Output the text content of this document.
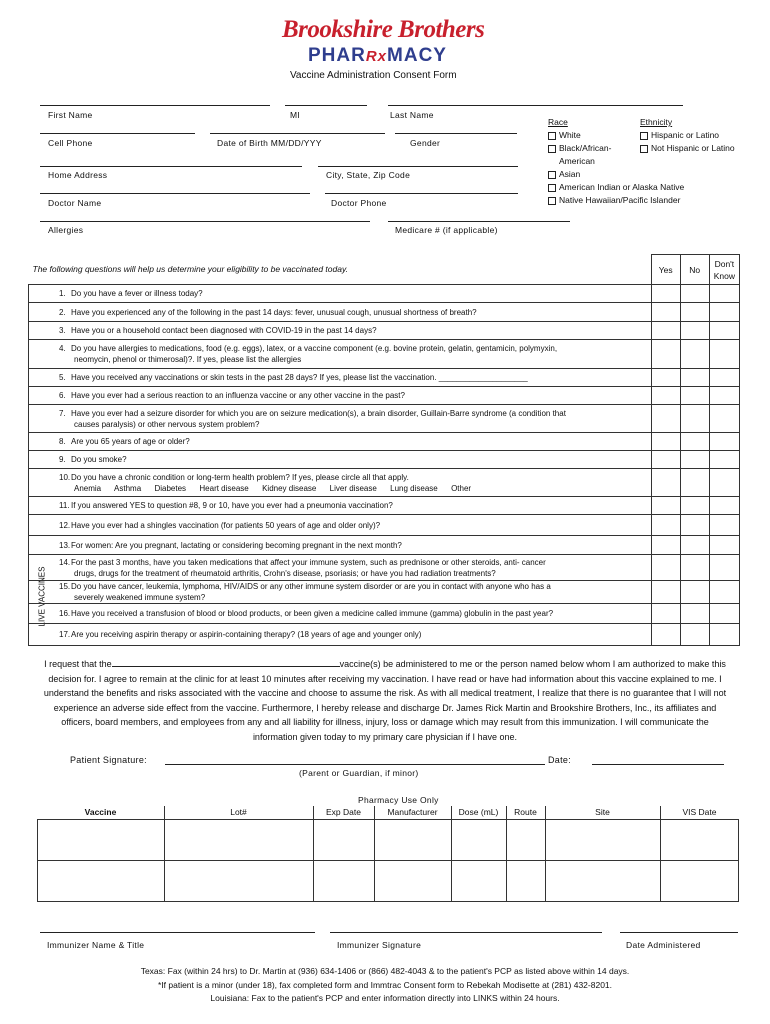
Brookshire Brothers
PHARRxMACY
Vaccine Administration Consent Form
First Name	MI	Last Name
Cell Phone	Date of Birth MM/DD/YYY	Gender
Home Address	City, State, Zip Code
Doctor Name	Doctor Phone
Allergies	Medicare # (if applicable)
Race
White
Black/African-
American
Asian
American Indian or Alaska Native
Native Hawaiian/Pacific Islander
Ethnicity
Hispanic or Latino
Not Hispanic or Latino
LIVE VACCINES
The following questions will help us determine your eligibility to be vaccinated today.	Yes	No	Don't
Know

1. Do you have a fever or illness today?			
2. Have you experienced any of the following in the past 14 days: fever, unusual cough, unusual shortness of breath?			
3. Have you or a household contact been diagnosed with COVID-19 in the past 14 days?			
4. Do you have allergies to medications, food (e.g. eggs), latex, or a vaccine component (e.g. bovine protein, gelatin, gentamicin, polymyxin,
neomycin, phenol or thimerosal)?. If yes, please list the allergies			

5. Have you received any vaccinations or skin tests in the past 28 days? If yes, please list the vaccination. ____________________			
6. Have you ever had a serious reaction to an influenza vaccine or any other vaccine in the past?			
7. Have you ever had a seizure disorder for which you are on seizure medication(s), a brain disorder, Guillain-Barre syndrome (a condition that
causes paralysis) or other nervous system problem?			

8. Are you 65 years of age or older?			
9. Do you smoke?			
10.Do you have a chronic condition or long-term health problem? If yes, please circle all that apply.
Anemia      Asthma      Diabetes      Heart disease      Kidney disease      Liver disease      Lung disease      Other			

11.If you answered YES to question #8, 9 or 10, have you ever had a pneumonia vaccination?			
12.Have you ever had a shingles vaccination (for patients 50 years of age and older only)?			
13.For women: Are you pregnant, lactating or considering becoming pregnant in the next month?			
14.For the past 3 months, have you taken medications that affect your immune system, such as prednisone or other steroids, anti- cancer
drugs, drugs for the treatment of rheumatoid arthritis, Crohn's disease, psoriasis; or have you had radiation treatments?			

15.Do you have cancer, leukemia, lymphoma, HIV/AIDS or any other immune system disorder or are you in contact with anyone who has a
severely weakened immune system?			

16.Have you received a transfusion of blood or blood products, or been given a medicine called immune (gamma) globulin in the past year?			
17.Are you receiving aspirin therapy or aspirin-containing therapy? (18 years of age and younger only)			
I request that the	vaccine(s) be administered to me or the person named below whom I am authorized to make this decision for. I agree to remain at the clinic for at least 10 minutes after receiving my vaccination. I have read or have had information about this vaccine explained to me. I understand the benefits and risks associated with the vaccine and choose to assume the risk. As with all medical treatment, I realize that there is no guarantee that I will not experience an adverse side effect from the vaccine. Furthermore, I hereby release and discharge Dr. James Rick Martin and Brookshire Brothers, Inc., its affiliates and officers, board members, and employees from any and all liability for illness, injury, loss or damage which may result from this immunization. I will communicate the information given today to my primary care physician if I have one.
Patient Signature:	Date:
(Parent or Guardian, if minor)
Pharmacy Use Only
Vaccine	Lot#	Exp Date	Manufacturer	Dose (mL)	Route	Site	VIS Date

Immunizer Name & Title	Immunizer Signature	Date Administered
Texas: Fax (within 24 hrs) to Dr. Martin at (936) 634-1406 or (866) 482-4043 & to the patient's PCP as listed above within 14 days.
*If patient is a minor (under 18), fax completed form and Immtrac Consent form to Rebekah Modisette at (281) 432-8201.
Louisiana: Fax to the patient's PCP and enter information directly into LINKS within 24 hours.
